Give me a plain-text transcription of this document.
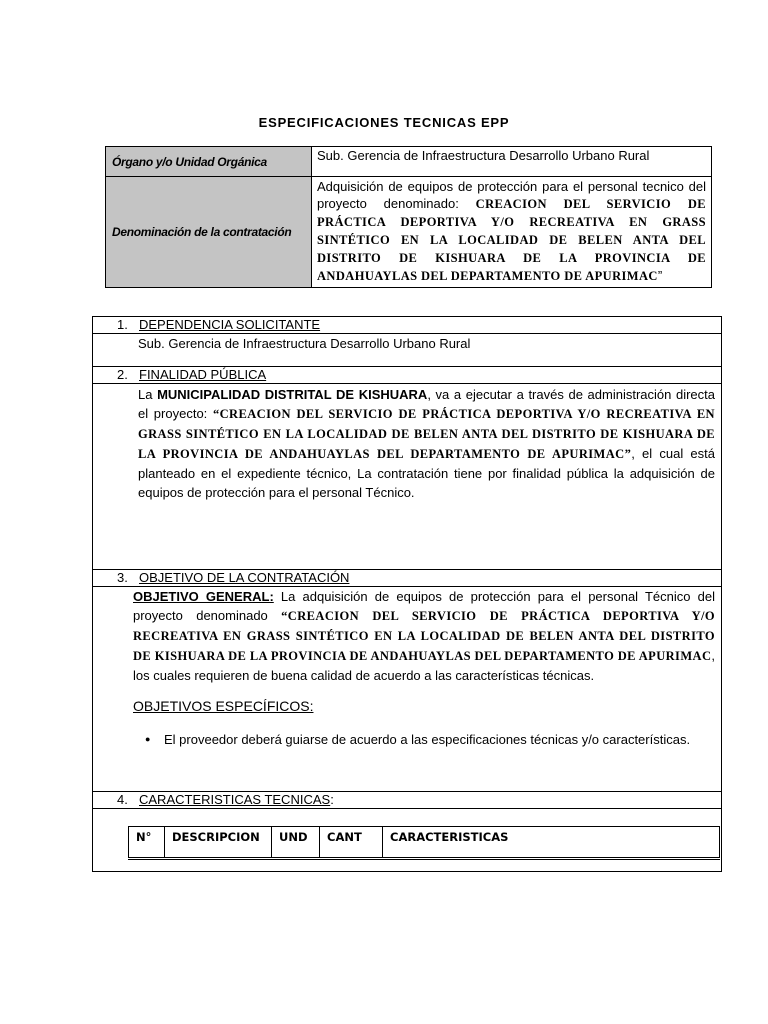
ESPECIFICACIONES TECNICAS EPP
Órgano y/o Unidad Orgánica	Sub. Gerencia de Infraestructura Desarrollo Urbano Rural
Denominación de la contratación	Adquisición de equipos de protección para el personal tecnico del proyecto denominado: CREACION DEL SERVICIO DE PRÁCTICA DEPORTIVA Y/O RECREATIVA EN GRASS SINTÉTICO EN LA LOCALIDAD DE BELEN ANTA DEL DISTRITO DE KISHUARA DE LA PROVINCIA DE ANDAHUAYLAS DEL DEPARTAMENTO DE APURIMAC”
1. DEPENDENCIA SOLICITANTE
Sub. Gerencia de Infraestructura Desarrollo Urbano Rural
2. FINALIDAD PÚBLICA
La MUNICIPALIDAD DISTRITAL DE KISHUARA, va a ejecutar a través de administración directa el proyecto: “CREACION DEL SERVICIO DE PRÁCTICA DEPORTIVA Y/O RECREATIVA EN GRASS SINTÉTICO EN LA LOCALIDAD DE BELEN ANTA DEL DISTRITO DE KISHUARA DE LA PROVINCIA DE ANDAHUAYLAS DEL DEPARTAMENTO DE APURIMAC”, el cual está planteado en el expediente técnico, La contratación tiene por finalidad pública la adquisición de equipos de protección para el personal Técnico.
3. OBJETIVO DE LA CONTRATACIÓN
OBJETIVO GENERAL: La adquisición de equipos de protección para el personal Técnico del proyecto denominado “CREACION DEL SERVICIO DE PRÁCTICA DEPORTIVA Y/O RECREATIVA EN GRASS SINTÉTICO EN LA LOCALIDAD DE BELEN ANTA DEL DISTRITO DE KISHUARA DE LA PROVINCIA DE ANDAHUAYLAS DEL DEPARTAMENTO DE APURIMAC, los cuales requieren de buena calidad de acuerdo a las características técnicas.
OBJETIVOS ESPECÍFICOS:
● El proveedor deberá guiarse de acuerdo a las especificaciones técnicas y/o características.
4. CARACTERISTICAS TECNICAS:
N°	DESCRIPCION	UND	CANT	CARACTERISTICAS
